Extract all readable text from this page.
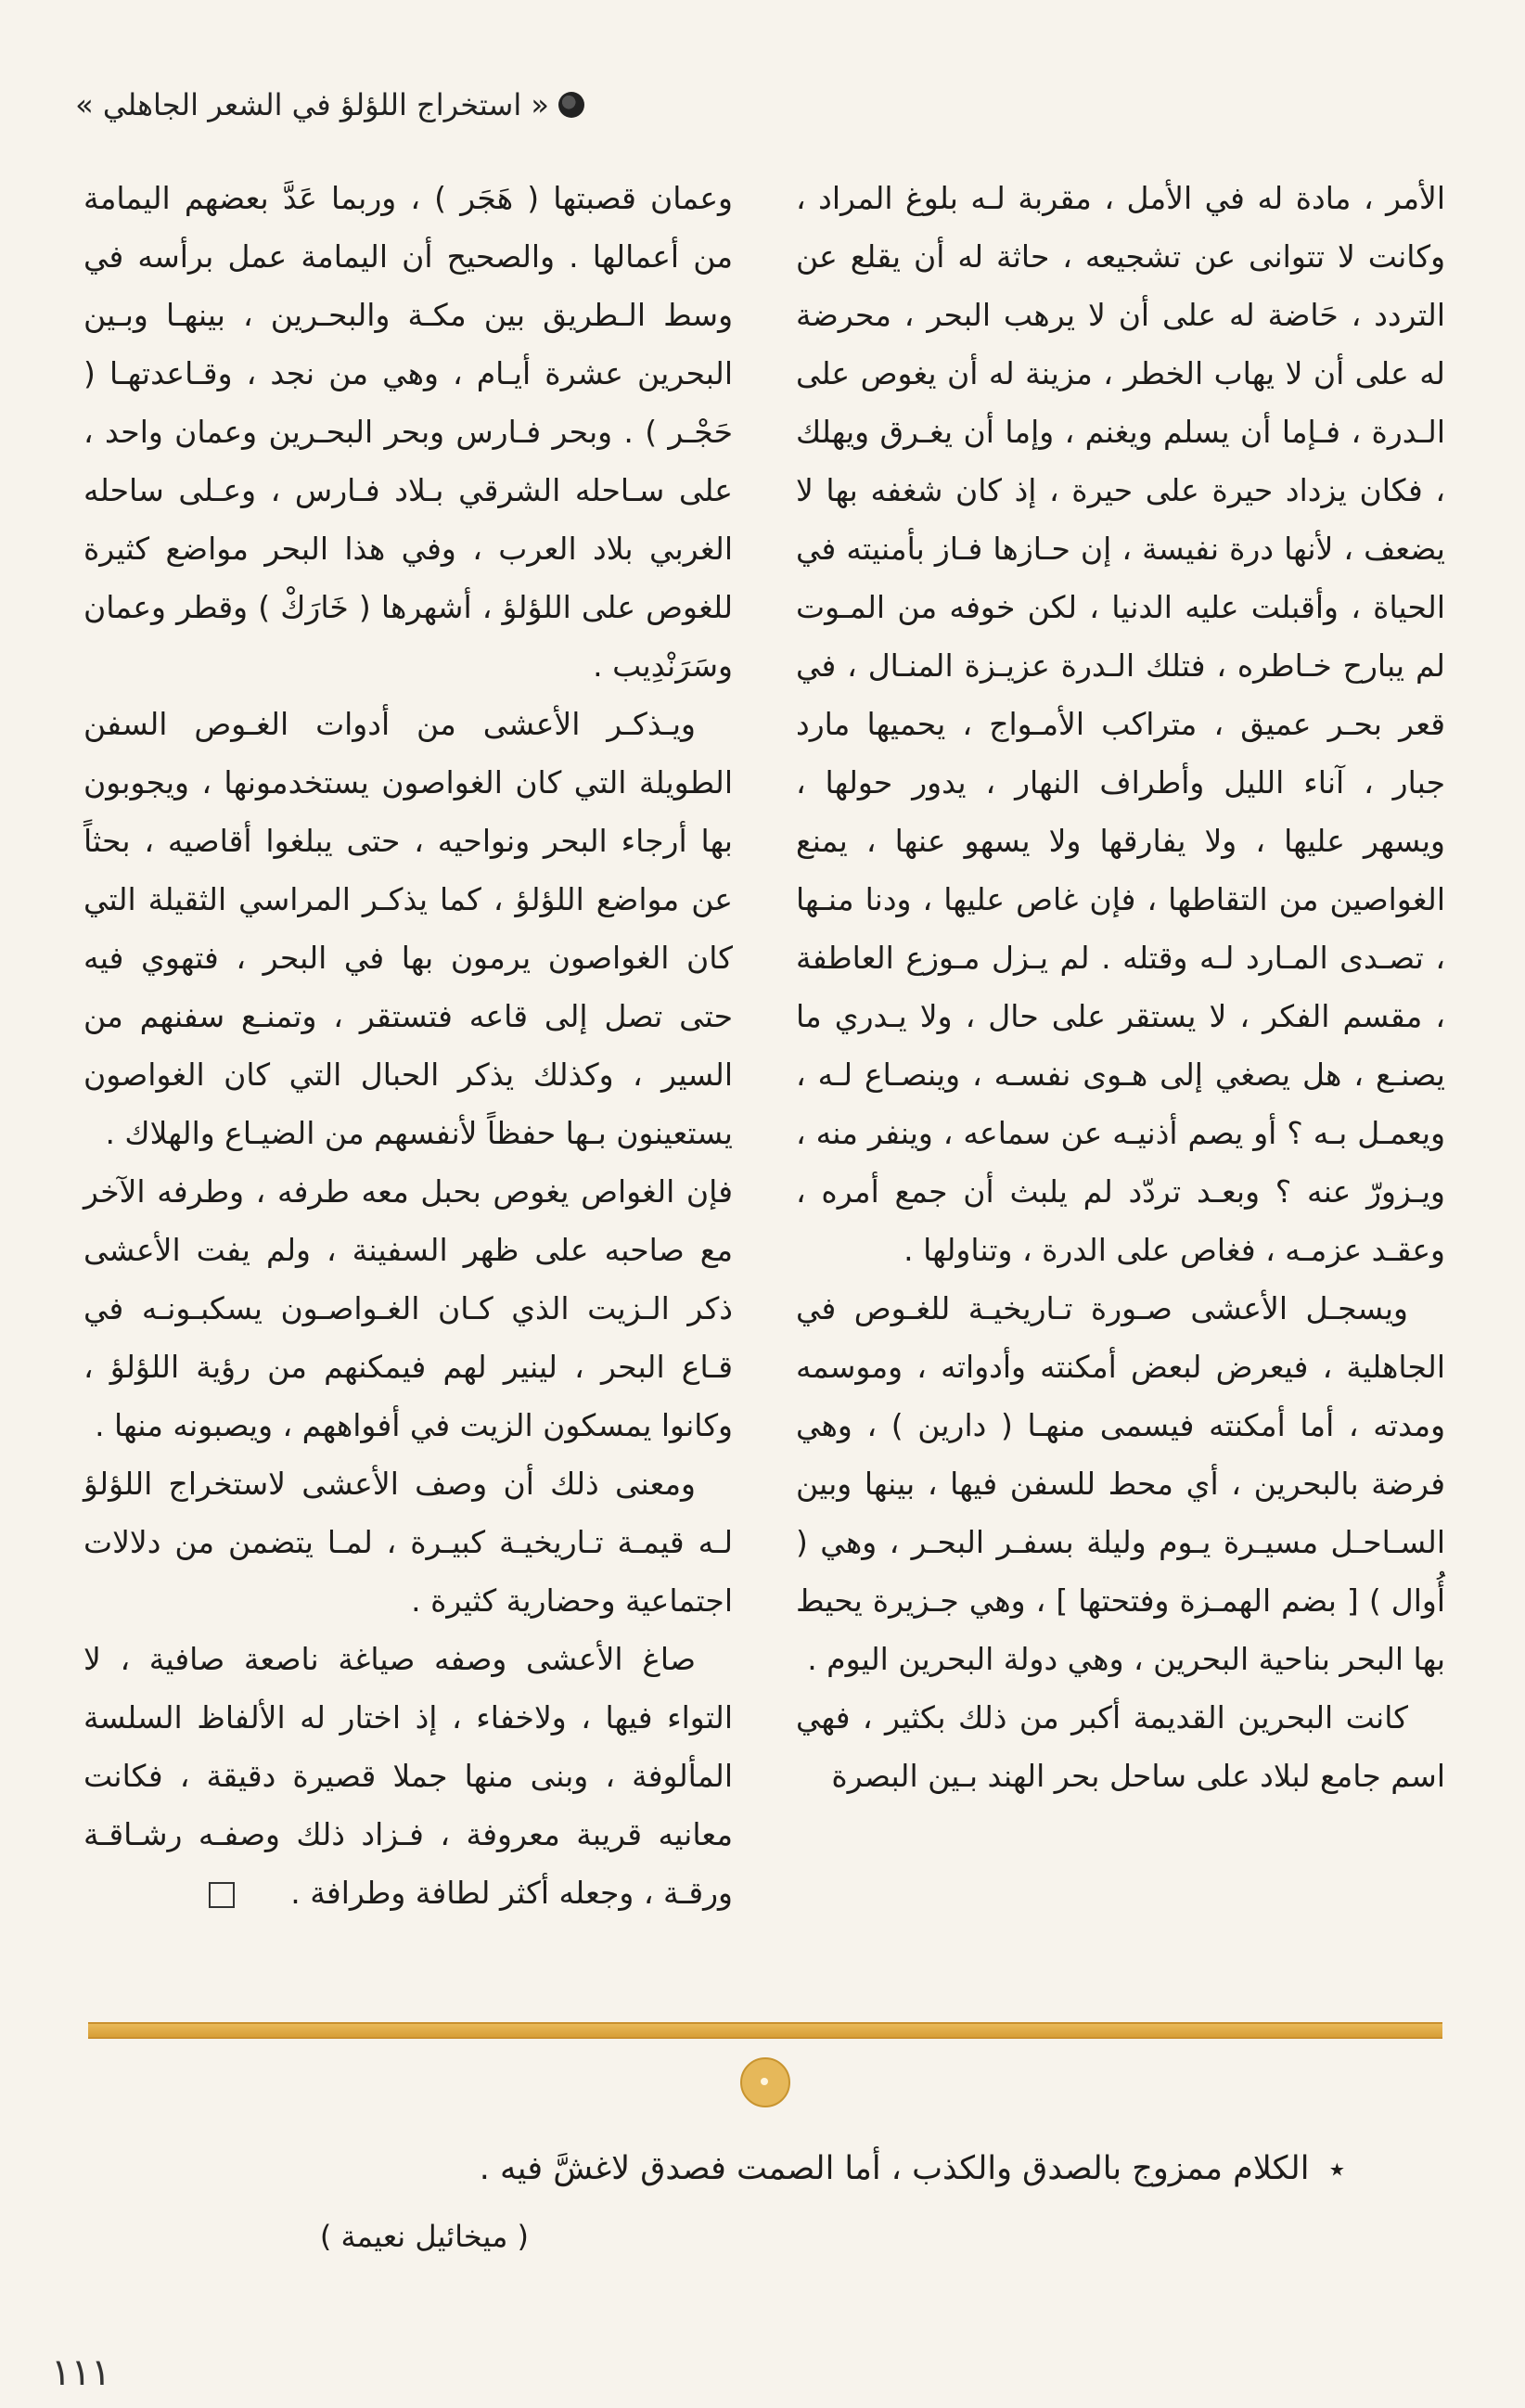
« استخراج اللؤلؤ في الشعر الجاهلي »

الأمر ، مادة له في الأمل ، مقربة لـه بلوغ المراد ، وكانت لا تتوانى عن تشجيعه ، حاثة له أن يقلع عن التردد ، حَاضة له على أن لا يرهب البحر ، محرضة له على أن لا يهاب الخطر ، مزينة له أن يغوص على الـدرة ، فـإما أن يسلم ويغنم ، وإما أن يغـرق ويهلك ، فكان يزداد حيرة على حيرة ، إذ كان شغفه بها لا يضعف ، لأنها درة نفيسة ، إن حـازها فـاز بأمنيته في الحياة ، وأقبلت عليه الدنيا ، لكن خوفه من المـوت لم يبارح خـاطره ، فتلك الـدرة عزيـزة المنـال ، في قعر بحـر عميق ، متراكب الأمـواج ، يحميها مارد جبار ، آناء الليل وأطراف النهار ، يدور حولها ، ويسهر عليها ، ولا يفارقها ولا يسهو عنها ، يمنع الغواصين من التقاطها ، فإن غاص عليها ، ودنا منـها ، تصـدى المـارد لـه وقتله . لم يـزل مـوزع العاطفة ، مقسم الفكر ، لا يستقر على حال ، ولا يـدري ما يصنـع ، هل يصغي إلى هـوى نفسـه ، وينصـاع لـه ، ويعمـل بـه ؟ أو يصم أذنيـه عن سماعه ، وينفر منه ، ويـزورّ عنه ؟ وبعـد تردّد لم يلبث أن جمع أمره ، وعقـد عزمـه ، فغاص على الدرة ، وتناولها .

ويسجـل الأعشى صـورة تـاريخيـة للغـوص في الجاهلية ، فيعرض لبعض أمكنته وأدواته ، وموسمه ومدته ، أما أمكنته فيسمى منهـا ( دارين ) ، وهي فرضة بالبحرين ، أي محط للسفن فيها ، بينها وبين السـاحـل مسيـرة يـوم وليلة بسفـر البحـر ، وهي ( أُوال ) [ بضم الهمـزة وفتحتها ] ، وهي جـزيرة يحيط بها البحر بناحية البحرين ، وهي دولة البحرين اليوم .

كانت البحرين القديمة أكبر من ذلك بكثير ، فهي اسم جامع لبلاد على ساحل بحر الهند بـين البصرة

وعمان قصبتها ( هَجَر ) ، وربما عَدَّ بعضهم اليمامة من أعمالها . والصحيح أن اليمامة عمل برأسه في وسط الـطريق بين مكـة والبحـرين ، بينهـا وبـين البحرين عشرة أيـام ، وهي من نجد ، وقـاعدتهـا ( حَجْـر ) . وبحر فـارس وبحر البحـرين وعمان واحد ، على سـاحله الشرقي بـلاد فـارس ، وعـلى ساحله الغربي بلاد العرب ، وفي هذا البحر مواضع كثيرة للغوص على اللؤلؤ ، أشهرها ( خَارَكْ ) وقطر وعمان وسَرَنْدِيب .

ويـذكـر الأعشى من أدوات الغـوص السفن الطويلة التي كان الغواصون يستخدمونها ، ويجوبون بها أرجاء البحر ونواحيه ، حتى يبلغوا أقاصيه ، بحثاً عن مواضع اللؤلؤ ، كما يذكـر المراسي الثقيلة التي كان الغواصون يرمون بها في البحر ، فتهوي فيه حتى تصل إلى قاعه فتستقر ، وتمنـع سفنهم من السير ، وكذلك يذكر الحبال التي كان الغواصون يستعينون بـها حفظاً لأنفسهم من الضيـاع والهلاك .

فإن الغواص يغوص بحبل معه طرفه ، وطرفه الآخر مع صاحبه على ظهر السفينة ، ولم يفت الأعشى ذكر الـزيت الذي كـان الغـواصـون يسكبـونـه في قـاع البحر ، لينير لهم فيمكنهم من رؤية اللؤلؤ ، وكانوا يمسكون الزيت في أفواههم ، ويصبونه منها .

ومعنى ذلك أن وصف الأعشى لاستخراج اللؤلؤ لـه قيمـة تـاريخيـة كبيـرة ، لمـا يتضمن من دلالات اجتماعية وحضارية كثيرة .

صاغ الأعشى وصفه صياغة ناصعة صافية ، لا التواء فيها ، ولاخفاء ، إذ اختار له الألفاظ السلسة المألوفة ، وبنى منها جملا قصيرة دقيقة ، فكانت معانيه قريبة معروفة ، فـزاد ذلك وصفـه رشـاقـة ورقـة ، وجعله أكثر لطافة وطرافة .

٭ الكلام ممزوج بالصدق والكذب ، أما الصمت فصدق لاغشَّ فيه .
( ميخائيل نعيمة )
١١١
